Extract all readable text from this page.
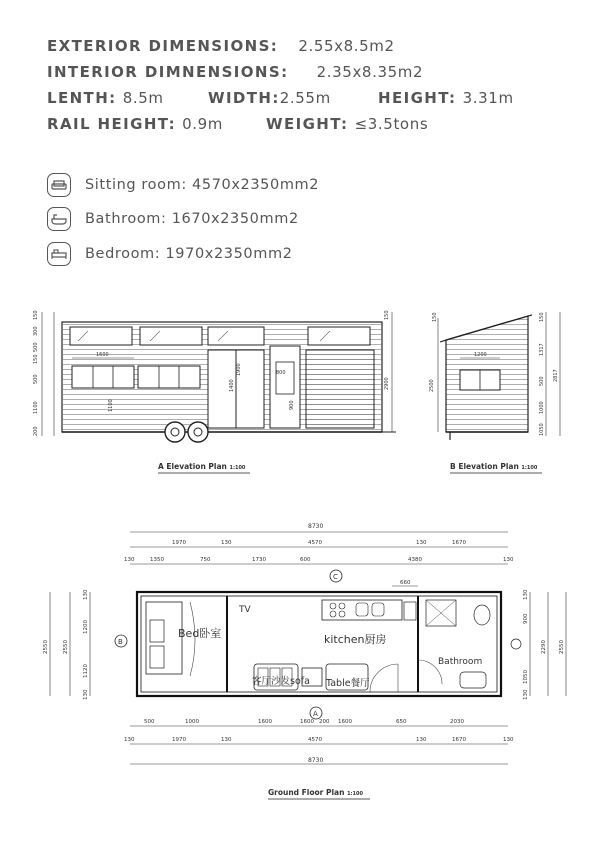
EXTERIOR DIMENSIONS: 2.55x8.5m2
INTERIOR DIMNENSIONS: 2.35x8.35m2
LENTH: 8.5m	WIDTH:2.55m	HEIGHT: 3.31m
RAIL HEIGHT: 0.9m	WEIGHT: ≤3.5tons
Sitting room: 4570x2350mm2
Bathroom: 1670x2350mm2
Bedroom: 1970x2350mm2
150
300
500
150
500
1100
200
150
2900
1600
800
1100
1400
1900
900
A Elevation Plan 1:100
1200
150
2500
150
1317
500
1000
1050
2817
B Elevation Plan 1:100
Bed卧室
TV
kitchen厨房
Bathroom
客厅沙发sofa Table餐厅
8730
130
1970	130	4570	130	1670
130
1350	750	1730	600	4380
660
500	1000	1600	1600 200 1600	650	2030
130	1970	130	4570	130	1670	130
8730
2550	2550
130
1200
1120
130
130
900
2290
1050
2550
130
A
B
C
Ground Floor Plan 1:100
